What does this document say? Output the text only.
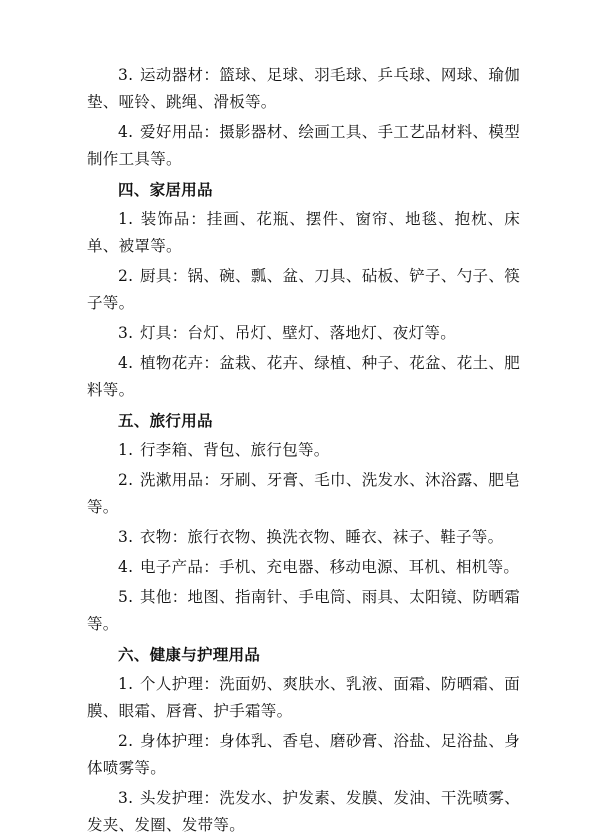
3. 运动器材：篮球、足球、羽毛球、乒乓球、网球、瑜伽垫、哑铃、跳绳、滑板等。

4. 爱好用品：摄影器材、绘画工具、手工艺品材料、模型制作工具等。

四、家居用品

1. 装饰品：挂画、花瓶、摆件、窗帘、地毯、抱枕、床单、被罩等。

2. 厨具：锅、碗、瓢、盆、刀具、砧板、铲子、勺子、筷子等。

3. 灯具：台灯、吊灯、壁灯、落地灯、夜灯等。

4. 植物花卉：盆栽、花卉、绿植、种子、花盆、花土、肥料等。

五、旅行用品

1. 行李箱、背包、旅行包等。

2. 洗漱用品：牙刷、牙膏、毛巾、洗发水、沐浴露、肥皂等。

3. 衣物：旅行衣物、换洗衣物、睡衣、袜子、鞋子等。

4. 电子产品：手机、充电器、移动电源、耳机、相机等。

5. 其他：地图、指南针、手电筒、雨具、太阳镜、防晒霜等。

六、健康与护理用品

1. 个人护理：洗面奶、爽肤水、乳液、面霜、防晒霜、面膜、眼霜、唇膏、护手霜等。

2. 身体护理：身体乳、香皂、磨砂膏、浴盐、足浴盐、身体喷雾等。

3. 头发护理：洗发水、护发素、发膜、发油、干洗喷雾、发夹、发圈、发带等。
